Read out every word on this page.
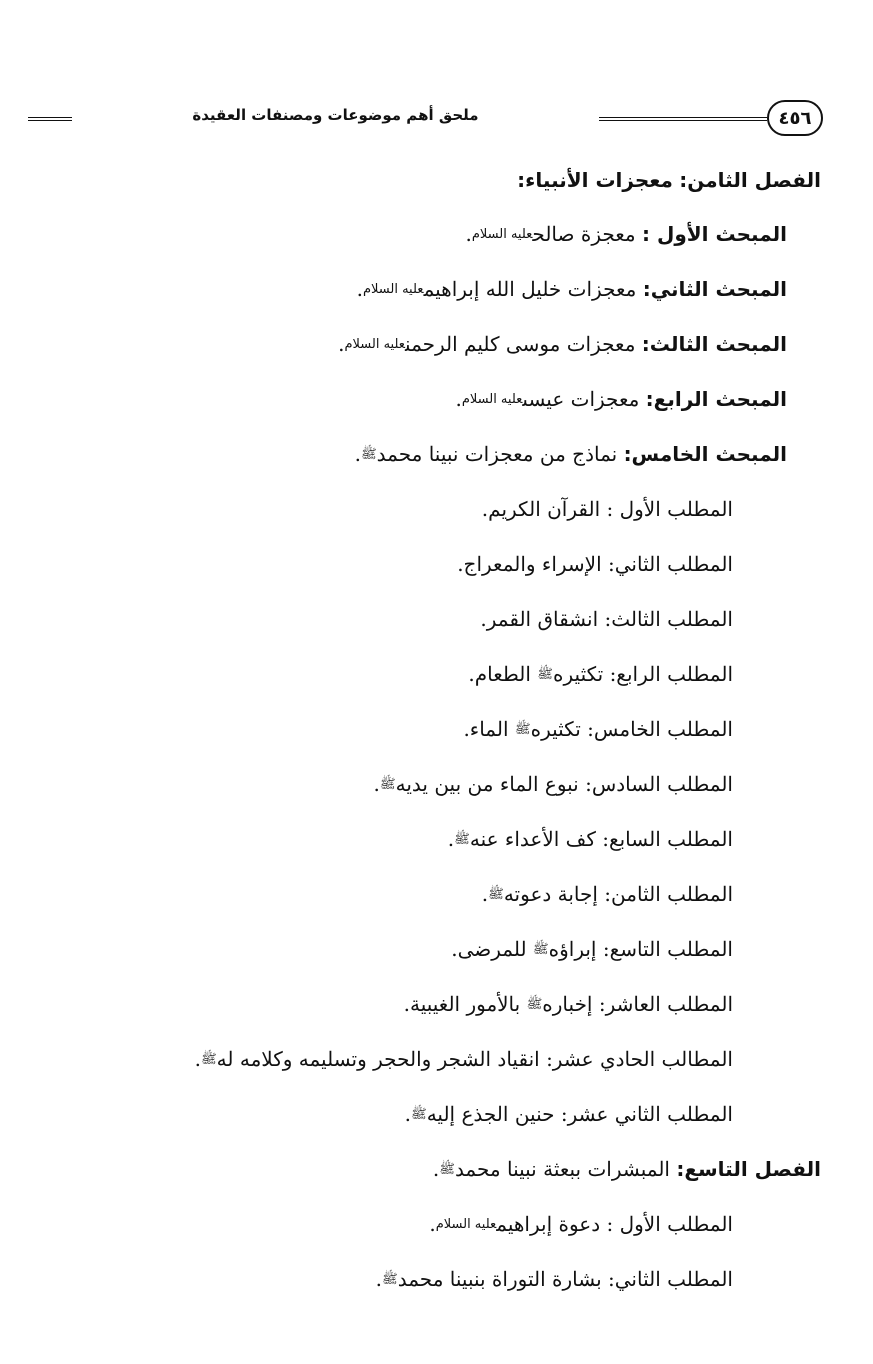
٤٥٦
ملحق أهم موضوعات ومصنفات العقيدة
الفصل الثامن: معجزات الأنبياء:
المبحث الأول : معجزة صالحعليه السلام.
المبحث الثاني: معجزات خليل الله إبراهيمعليه السلام.
المبحث الثالث: معجزات موسى كليم الرحمنعليه السلام.
المبحث الرابع: معجزات عيسىعليه السلام.
المبحث الخامس: نماذج من معجزات نبينا محمدﷺ.
المطلب الأول : القرآن الكريم.
المطلب الثاني: الإسراء والمعراج.
المطلب الثالث: انشقاق القمر.
المطلب الرابع: تكثيرهﷺ الطعام.
المطلب الخامس: تكثيرهﷺ الماء.
المطلب السادس: نبوع الماء من بين يديهﷺ.
المطلب السابع: كف الأعداء عنهﷺ.
المطلب الثامن: إجابة دعوتهﷺ.
المطلب التاسع: إبراؤهﷺ للمرضى.
المطلب العاشر: إخبارهﷺ بالأمور الغيبية.
المطالب الحادي عشر: انقياد الشجر والحجر وتسليمه وكلامه لهﷺ.
المطلب الثاني عشر: حنين الجذع إليهﷺ.
الفصل التاسع: المبشرات ببعثة نبينا محمدﷺ.
المطلب الأول : دعوة إبراهيمعليه السلام.
المطلب الثاني: بشارة التوراة بنبينا محمدﷺ.
